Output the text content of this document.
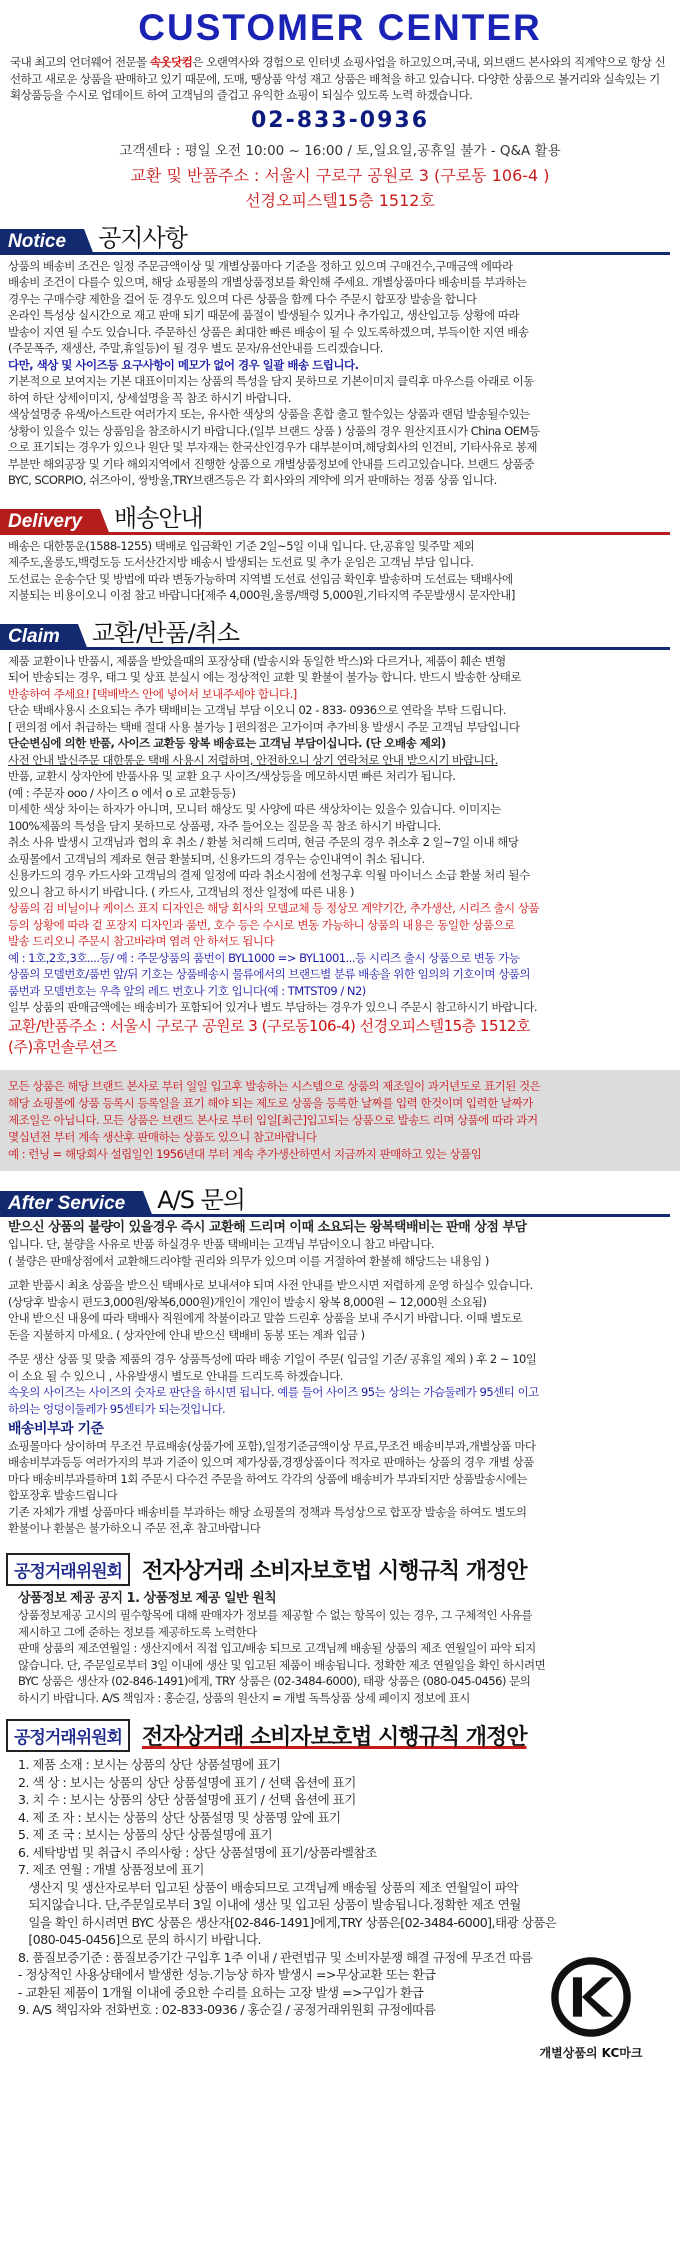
CUSTOMER CENTER
국내 최고의 언더웨어 전문몰 속옷닷컴은 오랜역사와 경험으로 인터넷 쇼핑사업을 하고있으며,국내, 외브랜드 본사와의 직계약으로 항상 신선하고 새로운 상품을 판매하고 있기 때문에, 도매, 땡상품 악성 재고 상품은 배척을 하고 있습니다. 다양한 상품으로 볼거리와 실속있는 기획상품등을 수시로 업데이트 하여 고객님의 즐겁고 유익한 쇼핑이 되실수 있도록 노력 하겠습니다.
02-833-0936
고객센타 : 평일 오전 10:00 ~ 16:00 / 토,일요일,공휴일 불가 - Q&A 활용
교환 및 반품주소 : 서울시 구로구 공원로 3 (구로동 106-4 )
선경오피스텔15층 1512호
Notice	공지사항
상품의 배송비 조건은 일정 주문금액이상 및 개별상품마다 기준을 정하고 있으며 구매건수,구매금액 에따라
배송비 조건이 다를수 있으며, 해당 쇼핑몰의 개별상품정보를 확인해 주세요. 개별상품마다 배송비를 부과하는
경우는 구매수량 제한을 걸어 둔 경우도 있으며 다른 상품을 함께 다수 주문시 합포장 발송을 합니다
온라인 특성상 실시간으로 재고 판매 되기 때문에 품절이 발생될수 있거나 추가입고, 생산입고등 상황에 따라
발송이 지연 될 수도 있습니다. 주문하신 상품은 최대한 빠른 배송이 될 수 있도록하겠으며, 부득이한 지연 배송
(주문폭주, 재생산, 주말,휴일등)이 될 경우 별도 문자/유선안내를 드리겠습니다.
다만, 색상 및 사이즈등 요구사항이 메모가 없어 경우 일괄 배송 드립니다.
기본적으로 보여지는 기본 대표이미지는 상품의 특성을 담지 못하므로 기본이미지 클릭후 마우스를 아래로 이동
하여 하단 상세이미지, 상세설명을 꼭 참조 하시기 바랍니다.
색상설명중 유색/아스트란 여러가지 또는, 유사한 색상의 상품을 혼합 출고 할수있는 상품과 랜덤 발송될수있는
상황이 있을수 있는 상품임을 참조하시기 바랍니다.(일부 브랜드 상품 ) 상품의 경우 원산지표시가 China OEM등
으로 표기되는 경우가 있으나 원단 및 부자재는 한국산인경우가 대부분이며,해당회사의 인건비, 기타사유로 봉제
부분만 해외공장 및 기타 해외지역에서 진행한 상품으로 개별상품정보에 안내를 드리고있습니다. 브랜드 상품중
BYC, SCORPIO, 쉬즈아이, 쌍방울,TRY브랜즈등은 각 회사와의 계약에 의거 판매하는 정품 상품 입니다.
Delivery	배송안내
배송은 대한통운(1588-1255) 택배로 입금확인 기준 2일~5일 이내 입니다. 단,공휴일 및주말 제외
제주도,울릉도,백령도등 도서산간지방 배송시 발생되는 도선료 및 추가 운임은 고객님 부담 입니다.
도선료는 운송수단 및 방법에 따라 변동가능하며 지역별 도선료 선입금 확인후 발송하며 도선료는 택배사에
지불되는 비용이오니 이점 참고 바랍니다[제주 4,000원,울릉/백령 5,000원,기타지역 주문발생시 문자안내]
Claim	교환/반품/취소
제품 교환이나 반품시, 제품을 받았을때의 포장상태 (발송시와 동일한 박스)와 다르거나, 제품이 훼손 변형
되어 반송되는 경우, 태그 및 상표 분실시 에는 정상적인 교환 및 환불이 불가능 합니다. 반드시 발송한 상태로
반송하여 주세요! [택배박스 안에 넣어서 보내주세야 합니다.]
단순 택배사용시 소요되는 추가 택배비는 고객님 부담 이오니 02 - 833- 0936으로 연락을 부탁 드립니다.
[ 편의점 에서 취급하는 택배 절대 사용 불가능 ] 편의점은 고가이며 추가비용 발생시 주문 고객님 부담입니다
단순변심에 의한 반품, 사이즈 교환등 왕복 배송료는 고객님 부담이십니다. (단 오배송 제외)
사전 안내 발신주문 대한통운 택배 사용시 저렴하며, 안전하오니 상기 연락처로 안내 받으시기 바랍니다.
반품, 교환시 상자안에 반품사유 및 교환 요구 사이즈/색상등을 메모하시면 빠른 처리가 됩니다.
(예 : 주문자 ooo / 사이즈 o 에서 o 로 교환등등)
미세한 색상 차이는 하자가 아니며, 모니터 해상도 및 사양에 따른 색상차이는 있을수 있습니다. 이미지는
100%제품의 특성을 담지 못하므로 상품평, 자주 들어오는 질문을 꼭 참조 하시기 바랍니다.
취소 사유 발생시 고객님과 협의 후 취소 / 환불 처리해 드리며, 현금 주문의 경우 취소후 2 일~7일 이내 해당
쇼핑몰에서 고객님의 계좌로 현금 환불되며, 신용카드의 경우는 승인내역이 취소 됩니다.
신용카드의 경우 카드사와 고객님의 결제 일정에 따라 취소시점에 선청구후 익월 마이너스 소급 환불 처리 될수
있으니 참고 하시기 바랍니다. ( 카드사, 고객님의 정산 일정에 따른 내용 )
상품의 검 비닐이나 케이스 표지 디자인은 해당 회사의 모델교체 등 정상모 계약기간, 추가생산, 시리즈 출시 상품
등의 상황에 따라 겉 포장지 디자인과 품번, 호수 등은 수시로 변동 가능하니 상품의 내용은 동일한 상품으로
발송 드리오니 주문시 참고바라며 염려 안 하셔도 됩니다
예 : 1호,2호,3호....등/ 예 : 주문상품의 품번이 BYL1000 => BYL1001...등 시리즈 출시 상품으로 변동 가능
상품의 모델번호/품번 앞/뒤 기호는 상품배송시 물류에서의 브랜드별 분류 배송을 위한 임의의 기호이며 상품의
품번과 모델번호는 우측 앞의 레드 번호나 기호 입니다(예 : TMTST09 / N2)
일부 상품의 판매금액에는 배송비가 포함되어 있거나 별도 부담하는 경우가 있으니 주문시 참고하시기 바랍니다.
교환/반품주소 : 서울시 구로구 공원로 3 (구로동106-4) 선경오피스텔15층 1512호
(주)휴먼솔루션즈

모든 상품은 해당 브랜드 본사로 부터 일일 입고후 발송하는 시스템으로 상품의 제조일이 과거년도로 표기된 것은

해당 쇼핑몰에 상품 등록시 등록일을 표기 해야 되는 제도로 상품을 등록한 날짜를 입력 한것이며 입력한 날짜가

제조일은 아닙니다. 모든 상품은 브랜드 본사로 부터 입일[최근]입고되는 상품으로 발송드 리며 상품에 따라 과거

몇십년전 부터 계속 생산후 판매하는 상품도 있으니 참고바랍니다

예 : 런닝 = 해당회사 설립일인 1956년대 부터 계속 추가생산하면서 지금까지 판매하고 있는 상품임

After Service	A/S 문의
받으신 상품의 불량이 있을경우 즉시 교환해 드리며 이때 소요되는 왕복택배비는 판매 상점 부담
입니다. 단, 불량을 사유로 반품 하실경우 반품 택배비는 고객님 부담이오니 참고 바랍니다.
( 불량은 판매상점에서 교환해드리야할 권리와 의무가 있으며 이를 거절하여 환불해 해당드는 내용임 )
교환 반품시 최초 상품을 받으신 택배사로 보내셔야 되며 사전 안내를 받으시면 저렴하게 운영 하실수 있습니다.
(상당후 발송시 편도3,000원/왕복6,000원)개인이 개인이 발송시 왕복 8,000원 ~ 12,000원 소요됨)
안내 받으신 내용에 따라 택배사 직원에게 착불이라고 말씀 드린후 상품을 보내 주시기 바랍니다. 이때 별도로
돈을 지불하지 마세요. ( 상자안에 안내 받으신 택배비 동봉 또는 계좌 입금 )
주문 생산 상품 및 맞춤 제품의 경우 상품특성에 따라 배송 기일이 주문( 입금일 기준/ 공휴일 제외 ) 후 2 ~ 10일
이 소요 될 수 있으니 , 사유발생시 별도로 안내를 드리도록 하겠습니다.
속옷의 사이즈는 사이즈의 숫자로 판단을 하시면 됩니다. 예를 들어 사이즈 95는 상의는 가슴둘레가 95센티 이고
하의는 엉덩이둘레가 95센티가 되는것입니다.
배송비부과 기준
쇼핑몰마다 상이하며 무조건 무료배송(상품가에 포함),일정기준금액이상 무료,무조건 배송비부과,개별상품 마다
배송비부과등등 여러가지의 부과 기준이 있으며 제가상품,경쟁상품이다 적자로 판매하는 상품의 경우 개별 상품
마다 배송비부과를하며 1회 주문시 다수건 주문을 하여도 각각의 상품에 배송비가 부과되지만 상품발송시에는
합포장후 발송드립니다
기존 자체가 개별 상품마다 배송비를 부과하는 해당 쇼핑몰의 정책과 특성상으로 합포장 발송을 하여도 별도의
환불이나 환불은 불가하오니 주문 전,후 참고바랍니다
공정거래위원회 전자상거래 소비자보호법 시행규칙 개정안
상품정보 제공 공지 1. 상품정보 제공 일반 원칙
상품정보제공 고시의 필수항목에 대해 판매자가 정보를 제공할 수 없는 항목이 있는 경우, 그 구체적인 사유를
제시하고 그에 준하는 정보를 제공하도록 노력한다
판매 상품의 제조연월일 : 생산지에서 직접 입고/배송 되므로 고객님께 배송될 상품의 제조 연월일이 파악 되지
않습니다. 단, 주문일로부터 3일 이내에 생산 및 입고된 제품이 배송됩니다. 정확한 제조 연월일을 확인 하시려면
BYC 상품은 생산자 (02-846-1491)에게, TRY 상품은 (02-3484-6000), 태광 상품은 (080-045-0456) 문의
하시기 바랍니다. A/S 책임자 : 홍순길, 상품의 원산지 = 개별 독특상품 상세 페이지 정보에 표시
공정거래위원회 전자상거래 소비자보호법 시행규칙 개정안
1. 제품 소재 : 보시는 상품의 상단 상품설명에 표기
2. 색 상 : 보시는 상품의 상단 상품설명에 표기 / 선택 옵션에 표기
3. 치 수 : 보시는 상품의 상단 상품설명에 표기 / 선택 옵션에 표기
4. 제 조 자 : 보시는 상품의 상단 상품설명 및 상품명 앞에 표기
5. 제 조 국 : 보시는 상품의 상단 상품설명에 표기
6. 세탁방법 및 취급시 주의사항 : 상단 상품설명에 표기/상품라벨참조
7. 제조 연월 : 개별 상품정보에 표기
생산지 및 생산자로부터 입고된 상품이 배송되므로 고객님께 배송될 상품의 제조 연월일이 파악
되지않습니다. 단,주문일로부터 3일 이내에 생산 및 입고된 상품이 발송됩니다.정확한 제조 연월
일을 확인 하시려면 BYC 상품은 생산자[02-846-1491]에게,TRY 상품은[02-3484-6000],태광 상품은
[080-045-0456]으로 문의 하시기 바랍니다.
8. 품질보증기준 : 품질보증기간 구입후 1주 이내 / 관련법규 및 소비자분쟁 해결 규정에 무조건 따름
- 정상적인 사용상태에서 발생한 성능.기능상 하자 발생시 =>무상교환 또는 환급
- 교환된 제품이 1개월 이내에 중요한 수리를 요하는 고장 발생 =>구입가 환급
9. A/S 책임자와 전화번호 : 02-833-0936 / 홍순길 / 공정거래위원회 규정에따름
개별상품의 KC마크
